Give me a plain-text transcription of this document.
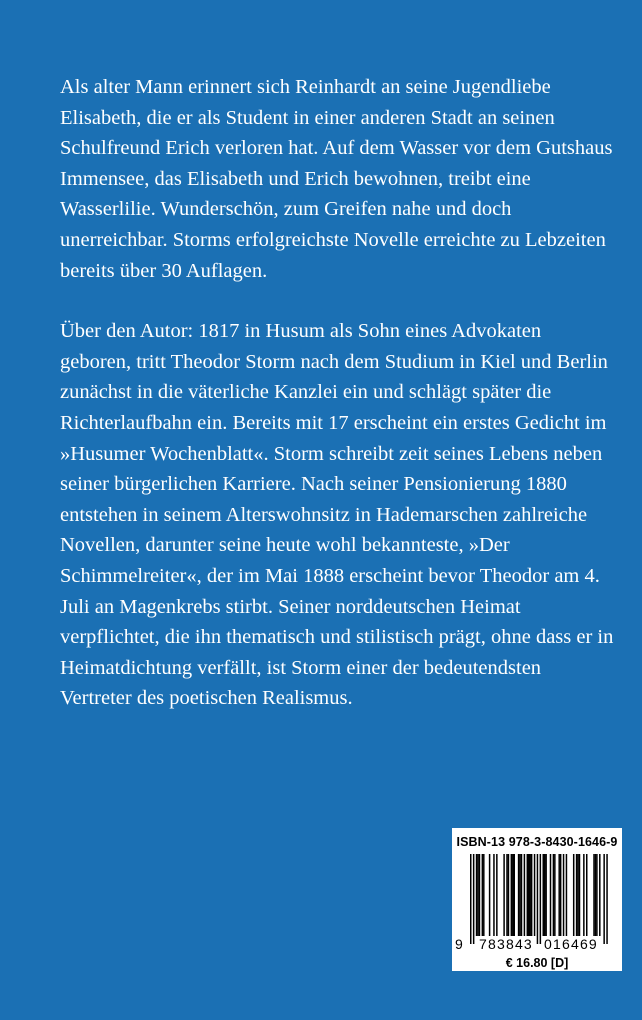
Als alter Mann erinnert sich Reinhardt an seine Jugendliebe Elisabeth, die er als Student in einer anderen Stadt an seinen Schulfreund Erich verloren hat. Auf dem Wasser vor dem Gutshaus Immensee, das Elisabeth und Erich bewohnen, treibt eine Wasserlilie. Wunderschön, zum Greifen nahe und doch unerreichbar. Storms erfolgreichste Novelle erreichte zu Lebzeiten bereits über 30 Auflagen.

Über den Autor: 1817 in Husum als Sohn eines Advokaten geboren, tritt Theodor Storm nach dem Studium in Kiel und Berlin zunächst in die väterliche Kanzlei ein und schlägt später die Richterlaufbahn ein. Bereits mit 17 erscheint ein erstes Gedicht im »Husumer Wochenblatt«. Storm schreibt zeit seines Lebens neben seiner bürgerlichen Karriere. Nach seiner Pensionierung 1880 entstehen in seinem Alterswohnsitz in Hademarschen zahlreiche Novellen, darunter seine heute wohl bekannteste, »Der Schimmelreiter«, der im Mai 1888 erscheint bevor Theodor am 4. Juli an Magenkrebs stirbt. Seiner norddeutschen Heimat verpflichtet, die ihn thematisch und stilistisch prägt, ohne dass er in Heimatdichtung verfällt, ist Storm einer der bedeutendsten Vertreter des poetischen Realismus.

ISBN-13 978-3-8430-1646-9
9 783843 016469
€ 16.80 [D]
